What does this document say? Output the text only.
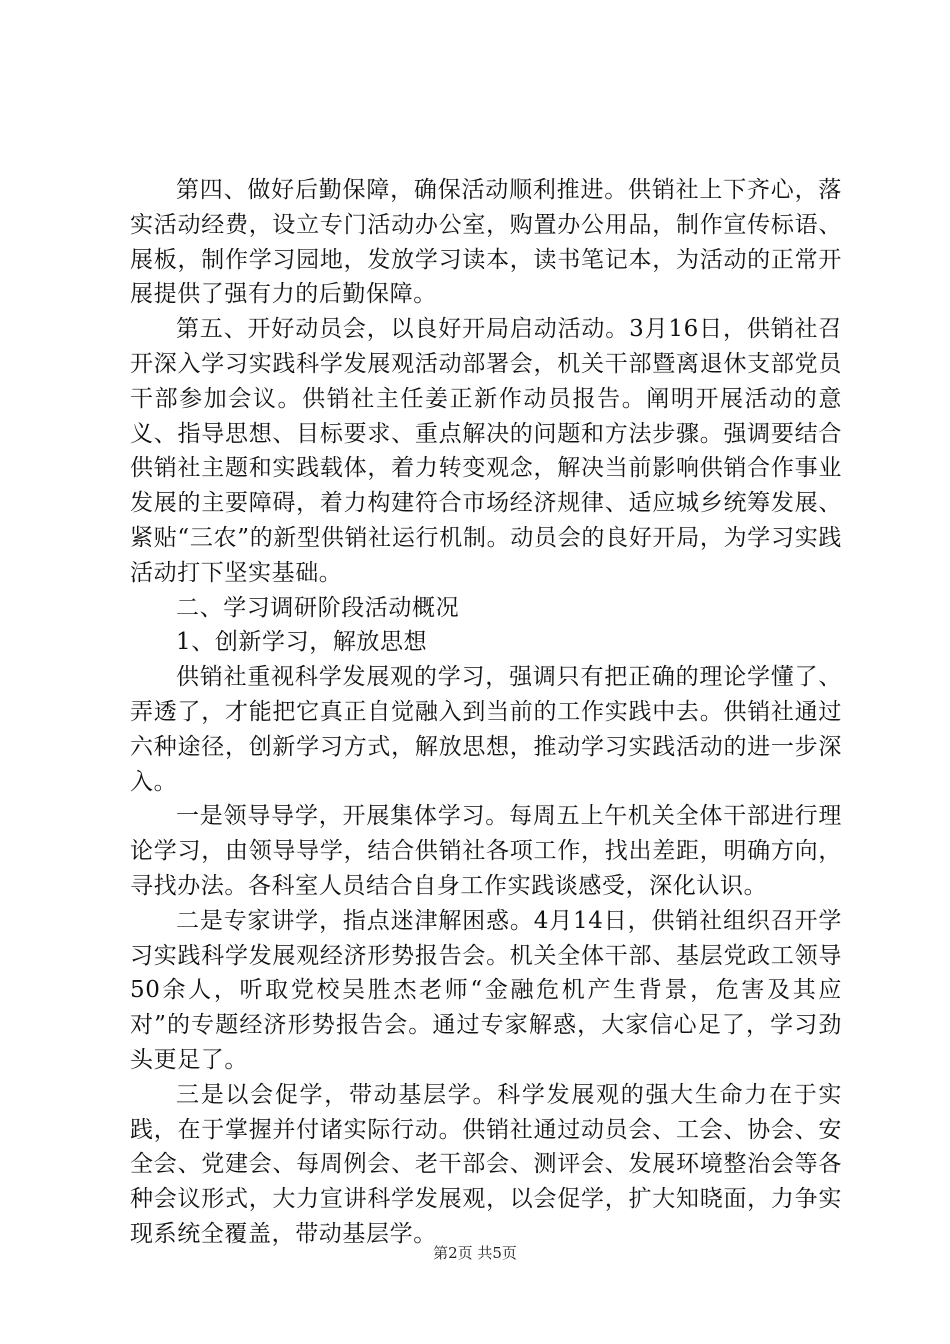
第四、做好后勤保障，确保活动顺利推进。供销社上下齐心，落实活动经费，设立专门活动办公室，购置办公用品，制作宣传标语、展板，制作学习园地，发放学习读本，读书笔记本，为活动的正常开展提供了强有力的后勤保障。

第五、开好动员会，以良好开局启动活动。3月16日，供销社召开深入学习实践科学发展观活动部署会，机关干部暨离退休支部党员干部参加会议。供销社主任姜正新作动员报告。阐明开展活动的意义、指导思想、目标要求、重点解决的问题和方法步骤。强调要结合供销社主题和实践载体，着力转变观念，解决当前影响供销合作事业发展的主要障碍，着力构建符合市场经济规律、适应城乡统筹发展、紧贴“三农”的新型供销社运行机制。动员会的良好开局，为学习实践活动打下坚实基础。

二、学习调研阶段活动概况

1、创新学习，解放思想

供销社重视科学发展观的学习，强调只有把正确的理论学懂了、弄透了，才能把它真正自觉融入到当前的工作实践中去。供销社通过六种途径，创新学习方式，解放思想，推动学习实践活动的进一步深入。

一是领导导学，开展集体学习。每周五上午机关全体干部进行理论学习，由领导导学，结合供销社各项工作，找出差距，明确方向，寻找办法。各科室人员结合自身工作实践谈感受，深化认识。

二是专家讲学，指点迷津解困惑。4月14日，供销社组织召开学习实践科学发展观经济形势报告会。机关全体干部、基层党政工领导50余人，听取党校吴胜杰老师“金融危机产生背景，危害及其应对”的专题经济形势报告会。通过专家解惑，大家信心足了，学习劲头更足了。

三是以会促学，带动基层学。科学发展观的强大生命力在于实践，在于掌握并付诸实际行动。供销社通过动员会、工会、协会、安全会、党建会、每周例会、老干部会、测评会、发展环境整治会等各种会议形式，大力宣讲科学发展观，以会促学，扩大知晓面，力争实现系统全覆盖，带动基层学。

第2页 共5页
